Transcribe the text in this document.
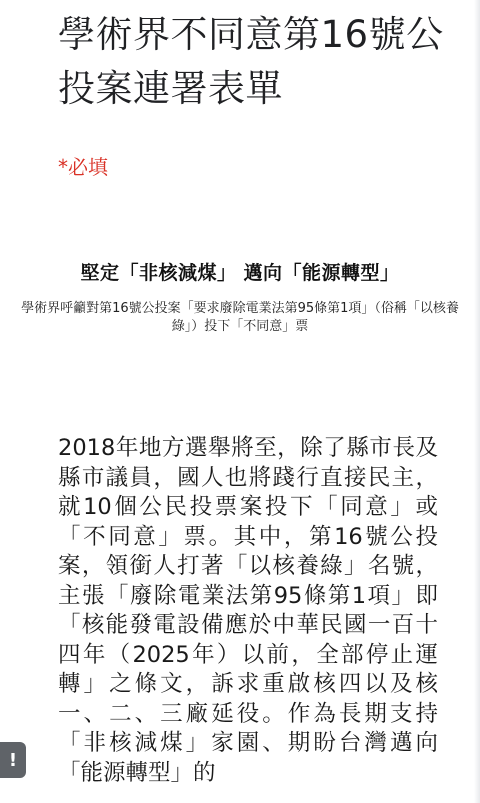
學術界不同意第16號公投案連署表單
*必填
堅定「非核減煤」 邁向「能源轉型」
學術界呼籲對第16號公投案「要求廢除電業法第95條第1項」（俗稱「以核養綠」）投下「不同意」票

2018年地方選舉將至，除了縣市長及縣市議員，國人也將踐行直接民主，就10個公民投票案投下「同意」或「不同意」票。其中，第16號公投案，領銜人打著「以核養綠」名號，主張「廢除電業法第95條第1項」即「核能發電設備應於中華民國一百十四年（2025年）以前，全部停止運轉」之條文，訴求重啟核四以及核一、二、三廠延役。作為長期支持「非核減煤」家園、期盼台灣邁向「能源轉型」的

!
